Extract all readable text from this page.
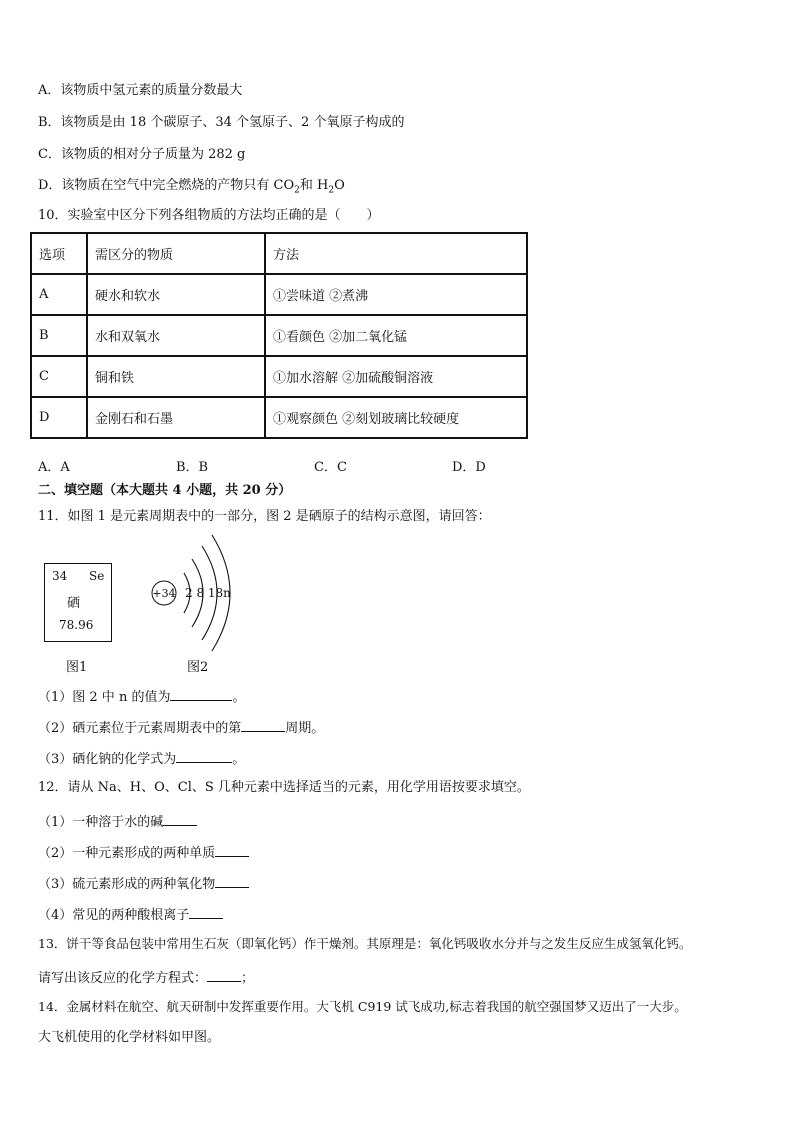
A．该物质中氢元素的质量分数最大
B．该物质是由 18 个碳原子、34 个氢原子、2 个氧原子构成的
C．该物质的相对分子质量为 282 g
D．该物质在空气中完全燃烧的产物只有 $CO_2$和 $H_2O$
10．实验室中区分下列各组物质的方法均正确的是（　　）
选项	需区分的物质	方法
A	硬水和软水	①尝味道 ②煮沸
B	水和双氧水	①看颜色 ②加二氧化锰
C	铜和铁	①加水溶解 ②加硫酸铜溶液
D	金刚石和石墨	①观察颜色 ②刻划玻璃比较硬度
A．A	B．B	C．C	D．D
二、填空题（本大题共 4 小题，共 20 分）
11．如图 1 是元素周期表中的一部分，图 2 是硒原子的结构示意图，请回答：
34 Se
硒
78.96
+34 2 8 18n
图1	图2
（1）图 2 中 n 的值为	。
（2）硒元素位于元素周期表中的第	周期。
（3）硒化钠的化学式为	。
12．请从 Na、H、O、Cl、S 几种元素中选择适当的元素，用化学用语按要求填空。
（1）一种溶于水的碱
（2）一种元素形成的两种单质
（3）硫元素形成的两种氧化物
（4）常见的两种酸根离子
13．饼干等食品包装中常用生石灰（即氧化钙）作干燥剂。其原理是：氧化钙吸收水分并与之发生反应生成氢氧化钙。
请写出该反应的化学方程式：	；
14．金属材料在航空、航天研制中发挥重要作用。大飞机 C919 试飞成功,标志着我国的航空强国梦又迈出了一大步。
大飞机使用的化学材料如甲图。
